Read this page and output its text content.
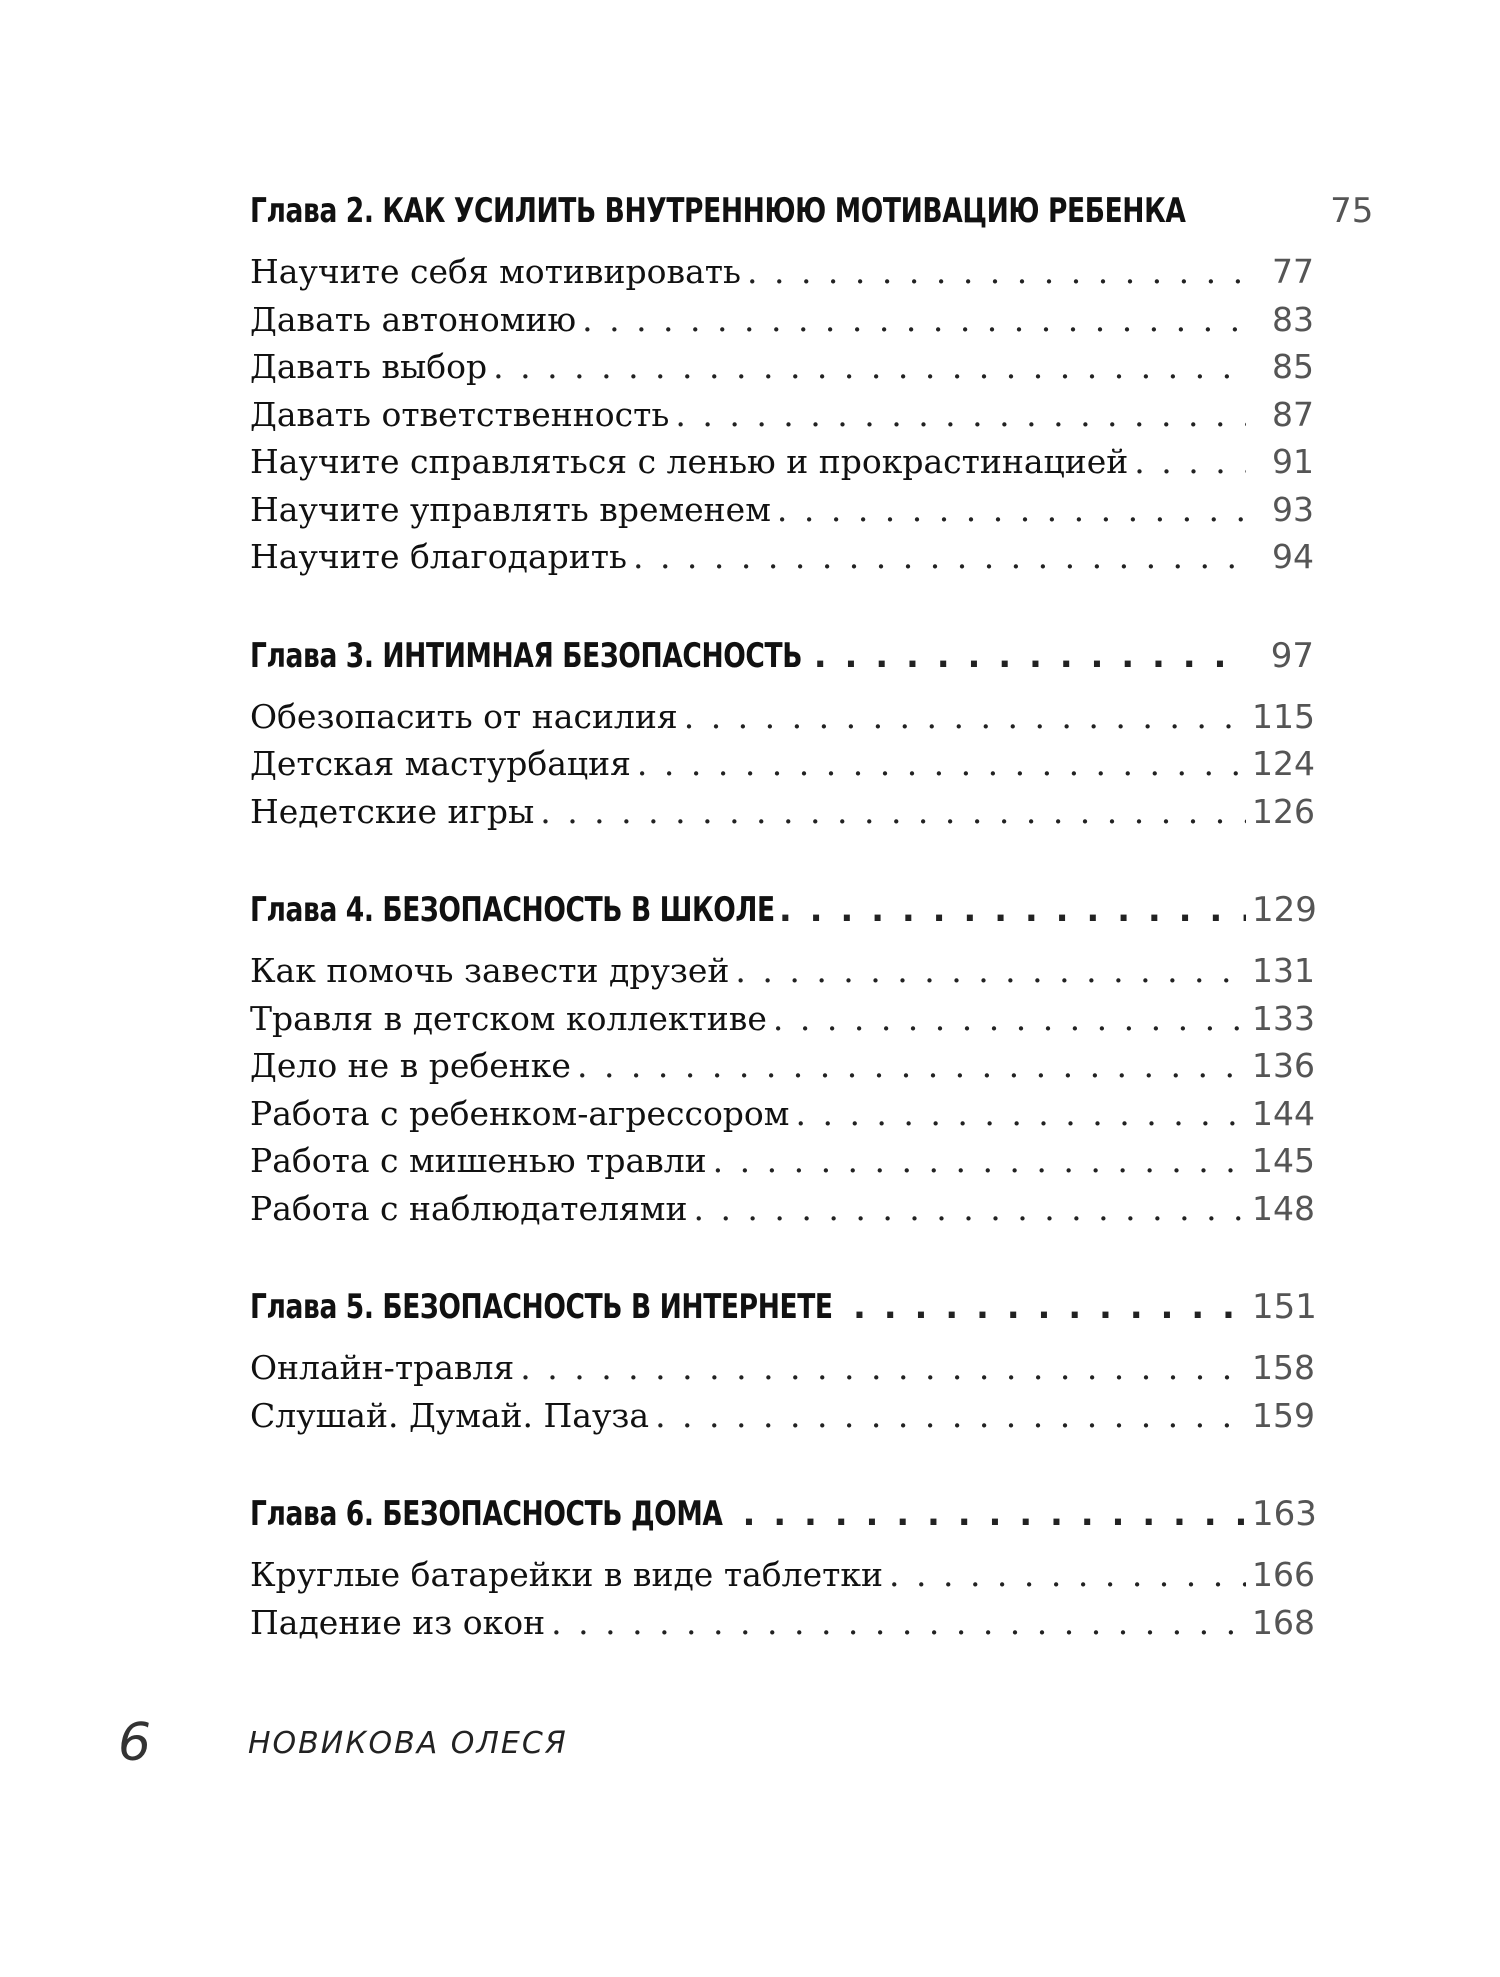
Глава 2. КАК УСИЛИТЬ ВНУТРЕННЮЮ МОТИВАЦИЮ РЕБЕНКА	75
Научите себя мотивировать . . .	77
Давать автономию . . .	83
Давать выбор . . .	85
Давать ответственность . . .	87
Научите справляться с ленью и прокрастинацией . . .	91
Научите управлять временем . . .	93
Научите благодарить . . .	94
Глава 3. ИНТИМНАЯ БЕЗОПАСНОСТЬ . . .	97
Обезопасить от насилия . . .	115
Детская мастурбация . . .	124
Недетские игры . . .	126
Глава 4. БЕЗОПАСНОСТЬ В ШКОЛЕ . . .	129
Как помочь завести друзей . . .	131
Травля в детском коллективе . . .	133
Дело не в ребенке . . .	136
Работа с ребенком-агрессором . . .	144
Работа с мишенью травли . . .	145
Работа с наблюдателями . . .	148
Глава 5. БЕЗОПАСНОСТЬ В ИНТЕРНЕТЕ . . .	151
Онлайн-травля . . .	158
Слушай. Думай. Пауза . . .	159
Глава 6. БЕЗОПАСНОСТЬ ДОМА . . .	163
Круглые батарейки в виде таблетки . . .	166
Падение из окон . . .	168
6	НОВИКОВА ОЛЕСЯ
